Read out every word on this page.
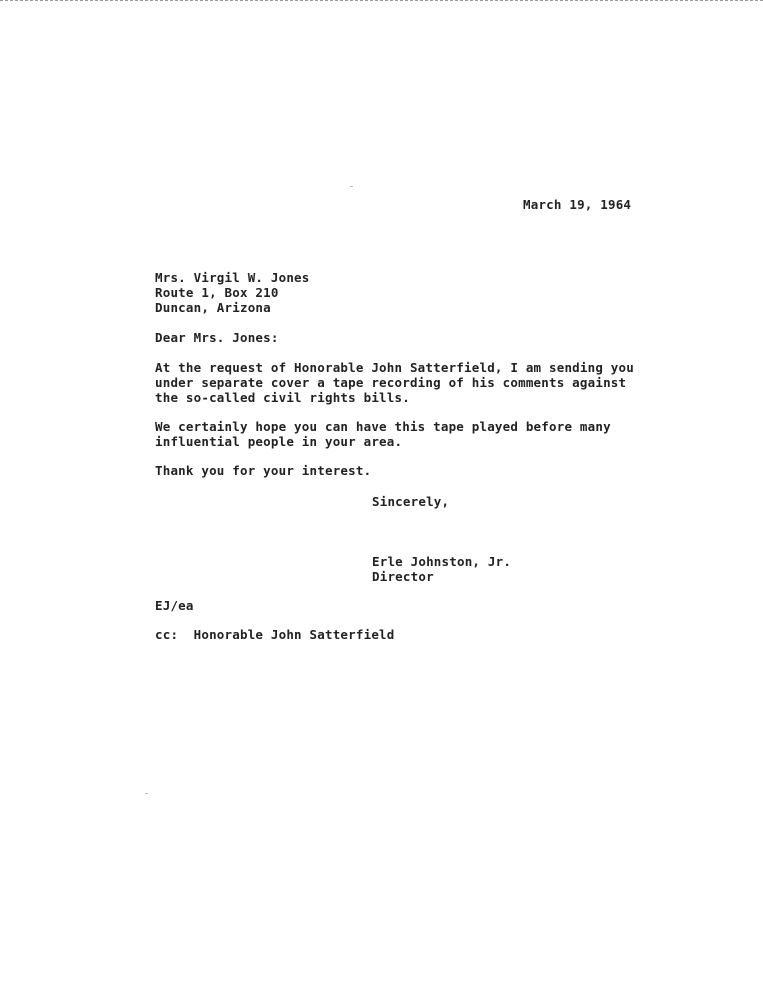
March 19, 1964
Mrs. Virgil W. Jones
Route 1, Box 210
Duncan, Arizona
Dear Mrs. Jones:
At the request of Honorable John Satterfield, I am sending you
under separate cover a tape recording of his comments against
the so-called civil rights bills.
We certainly hope you can have this tape played before many
influential people in your area.
Thank you for your interest.
Sincerely,
Erle Johnston, Jr.
Director
EJ/ea
cc:  Honorable John Satterfield
